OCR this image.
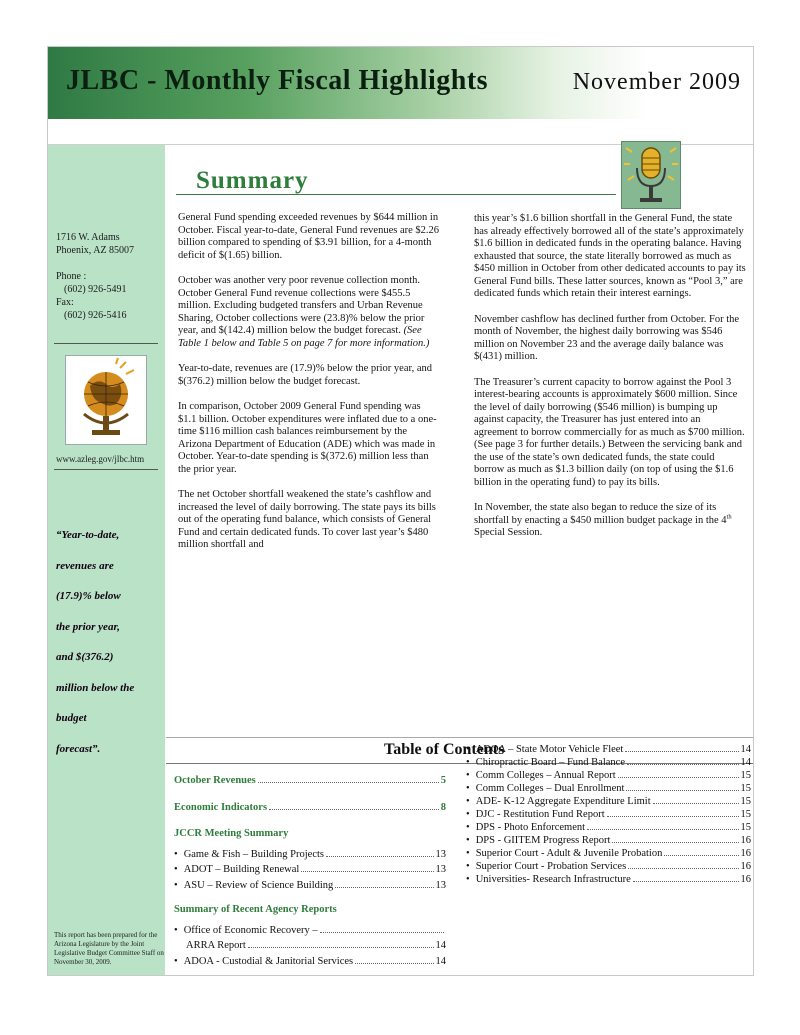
JLBC - Monthly Fiscal Highlights	November 2009
1716 W. Adams
Phoenix, AZ 85007
Phone :
(602) 926-5491
Fax:
(602) 926-5416
www.azleg.gov/jlbc.htm
“Year-to-date,
revenues are
(17.9)% below
the prior year,
and $(376.2)
million below the
budget
forecast”.
This report has been prepared for the Arizona Legislature by the Joint Legislative Budget Committee Staff on November 30, 2009.
Summary

General Fund spending exceeded revenues by $644 million in October. Fiscal year-to-date, General Fund revenues are $2.26 billion compared to spending of $3.91 billion, for a 4-month deficit of $(1.65) billion.

October was another very poor revenue collection month. October General Fund revenue collections were $455.5 million. Excluding budgeted transfers and Urban Revenue Sharing, October collections were (23.8)% below the prior year, and $(142.4) million below the budget forecast. (See Table 1 below and Table 5 on page 7 for more information.)

Year-to-date, revenues are (17.9)% below the prior year, and $(376.2) million below the budget forecast.

In comparison, October 2009 General Fund spending was $1.1 billion. October expenditures were inflated due to a one-time $116 million cash balances reimbursement by the Arizona Department of Education (ADE) which was made in October. Year-to-date spending is $(372.6) million less than the prior year.

The net October shortfall weakened the state’s cashflow and increased the level of daily borrowing. The state pays its bills out of the operating fund balance, which consists of General Fund and certain dedicated funds. To cover last year’s $480 million shortfall and

this year’s $1.6 billion shortfall in the General Fund, the state has already effectively borrowed all of the state’s approximately $1.6 billion in dedicated funds in the operating balance. Having exhausted that source, the state literally borrowed as much as $450 million in October from other dedicated accounts to pay its General Fund bills. These latter sources, known as “Pool 3,” are dedicated funds which retain their interest earnings.

November cashflow has declined further from October. For the month of November, the highest daily borrowing was $546 million on November 23 and the average daily balance was $(431) million.

The Treasurer’s current capacity to borrow against the Pool 3 interest-bearing accounts is approximately $600 million. Since the level of daily borrowing ($546 million) is bumping up against capacity, the Treasurer has just entered into an agreement to borrow commercially for as much as $700 million. (See page 3 for further details.) Between the servicing bank and the use of the state’s own dedicated funds, the state could borrow as much as $1.3 billion daily (on top of using the $1.6 billion in the operating fund) to pay its bills.

In November, the state also began to reduce the size of its shortfall by enacting a $450 million budget package in the 4th Special Session.

Table of Contents
October Revenues	5
Economic Indicators	8
JCCR Meeting Summary
• Game & Fish – Building Projects	13
• ADOT – Building Renewal	13
• ASU – Review of Science Building	13
Summary of Recent Agency Reports
• Office of Economic Recovery –
ARRA Report	14
• ADOA - Custodial & Janitorial Services	14
• ADOA – State Motor Vehicle Fleet	14
• Chiropractic Board – Fund Balance	14
• Comm Colleges – Annual Report	15
• Comm Colleges – Dual Enrollment	15
• ADE- K-12 Aggregate Expenditure Limit	15
• DJC - Restitution Fund Report	15
• DPS - Photo Enforcement	15
• DPS - GIITEM Progress Report	16
• Superior Court - Adult & Juvenile Probation	16
• Superior Court - Probation Services	16
• Universities- Research Infrastructure	16
